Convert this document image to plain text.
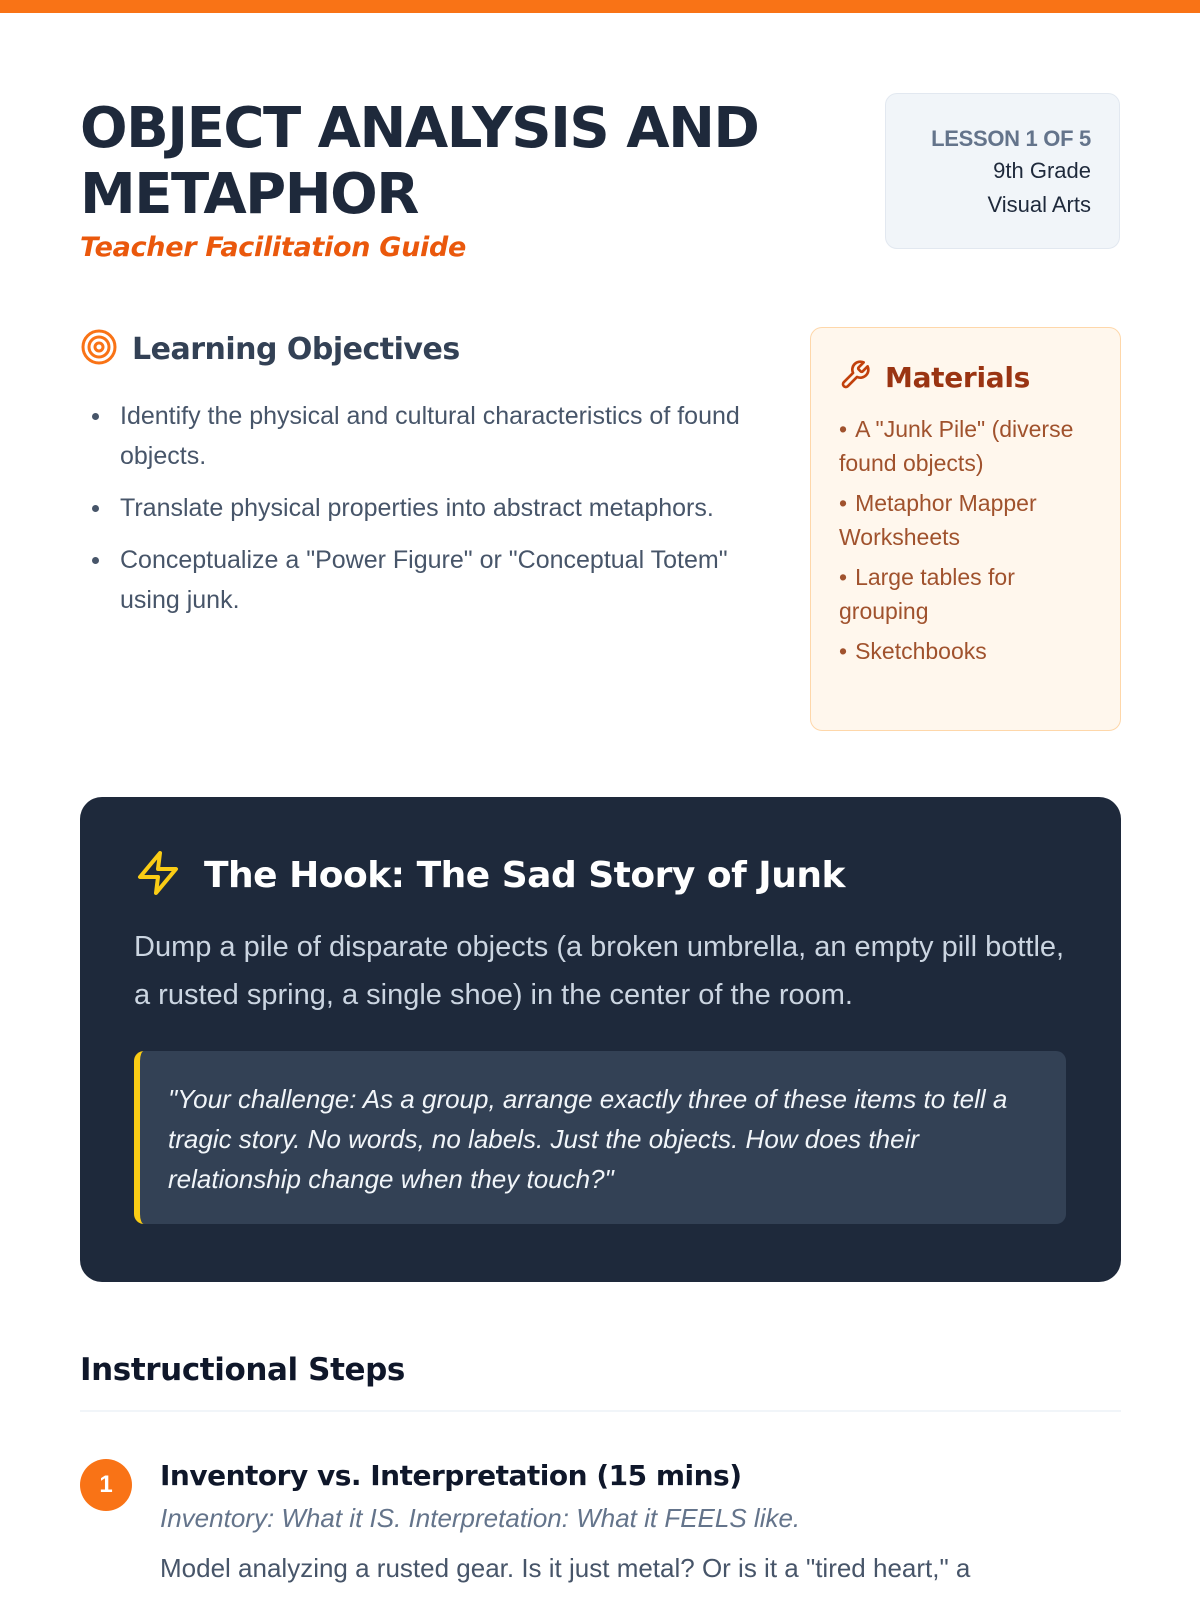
OBJECT ANALYSIS AND METAPHOR
Teacher Facilitation Guide
LESSON 1 OF 5
9th Grade
Visual Arts
Learning Objectives
Identify the physical and cultural characteristics of found objects.
Translate physical properties into abstract metaphors.
Conceptualize a "Power Figure" or "Conceptual Totem" using junk.
Materials
• A "Junk Pile" (diverse found objects)
• Metaphor Mapper Worksheets
• Large tables for grouping
• Sketchbooks
The Hook: The Sad Story of Junk

Dump a pile of disparate objects (a broken umbrella, an empty pill bottle, a rusted spring, a single shoe) in the center of the room.

"Your challenge: As a group, arrange exactly three of these items to tell a tragic story. No words, no labels. Just the objects. How does their relationship change when they touch?"
Instructional Steps
1	Inventory vs. Interpretation (15 mins)
Inventory: What it IS. Interpretation: What it FEELS like.
Model analyzing a rusted gear. Is it just metal? Or is it a "tired heart," a
